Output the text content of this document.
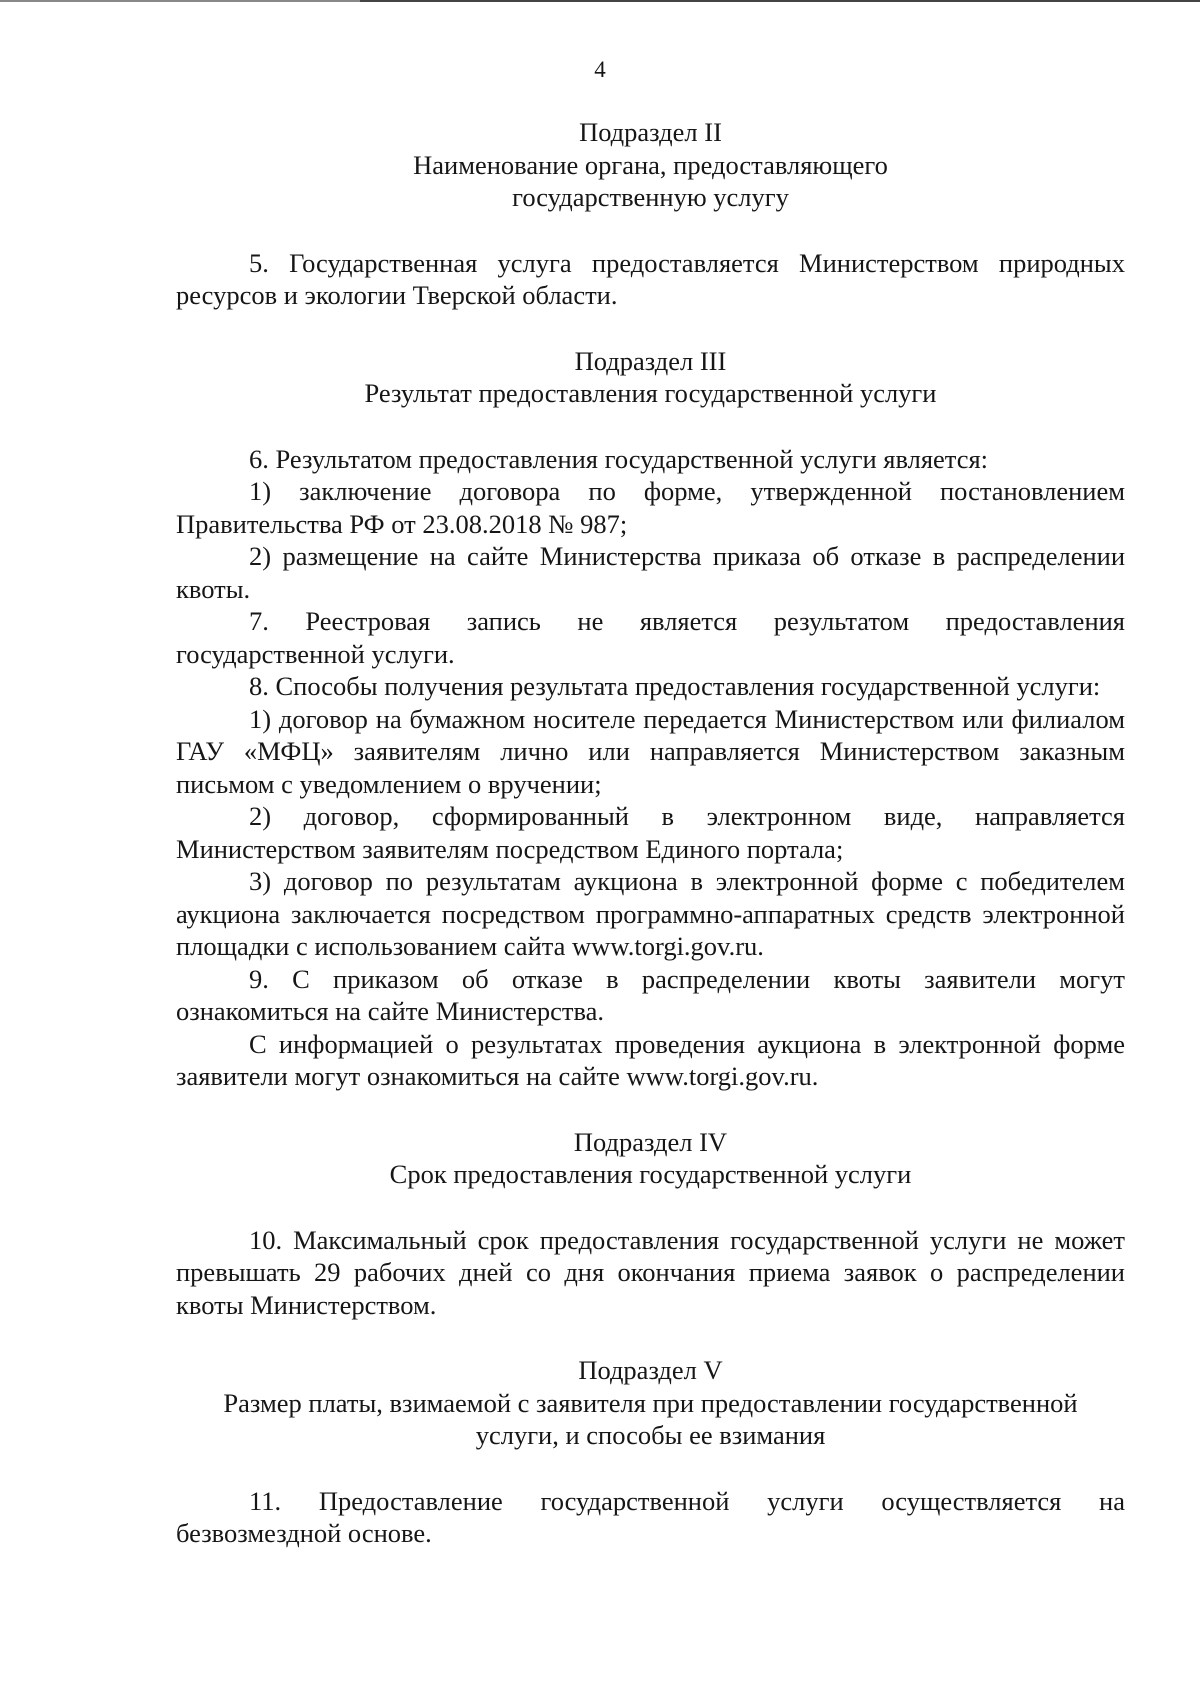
4
Подраздел II
Наименование органа, предоставляющего
государственную услугу

5. Государственная услуга предоставляется Министерством природных ресурсов и экологии Тверской области.

Подраздел III
Результат предоставления государственной услуги

6. Результатом предоставления государственной услуги является:

1) заключение договора по форме, утвержденной постановлением Правительства РФ от 23.08.2018 № 987;

2) размещение на сайте Министерства приказа об отказе в распределении квоты.

7. Реестровая запись не является результатом предоставления государственной услуги.

8. Способы получения результата предоставления государственной услуги:

1) договор на бумажном носителе передается Министерством или филиалом ГАУ «МФЦ» заявителям лично или направляется Министерством заказным письмом с уведомлением о вручении;

2) договор, сформированный в электронном виде, направляется Министерством заявителям посредством Единого портала;

3) договор по результатам аукциона в электронной форме с победителем аукциона заключается посредством программно-аппаратных средств электронной площадки с использованием сайта www.torgi.gov.ru.

9. С приказом об отказе в распределении квоты заявители могут ознакомиться на сайте Министерства.

С информацией о результатах проведения аукциона в электронной форме заявители могут ознакомиться на сайте www.torgi.gov.ru.

Подраздел IV
Срок предоставления государственной услуги

10. Максимальный срок предоставления государственной услуги не может превышать 29 рабочих дней со дня окончания приема заявок о распределении квоты Министерством.

Подраздел V
Размер платы, взимаемой с заявителя при предоставлении государственной
услуги, и способы ее взимания

11. Предоставление государственной услуги осуществляется на безвозмездной основе.
